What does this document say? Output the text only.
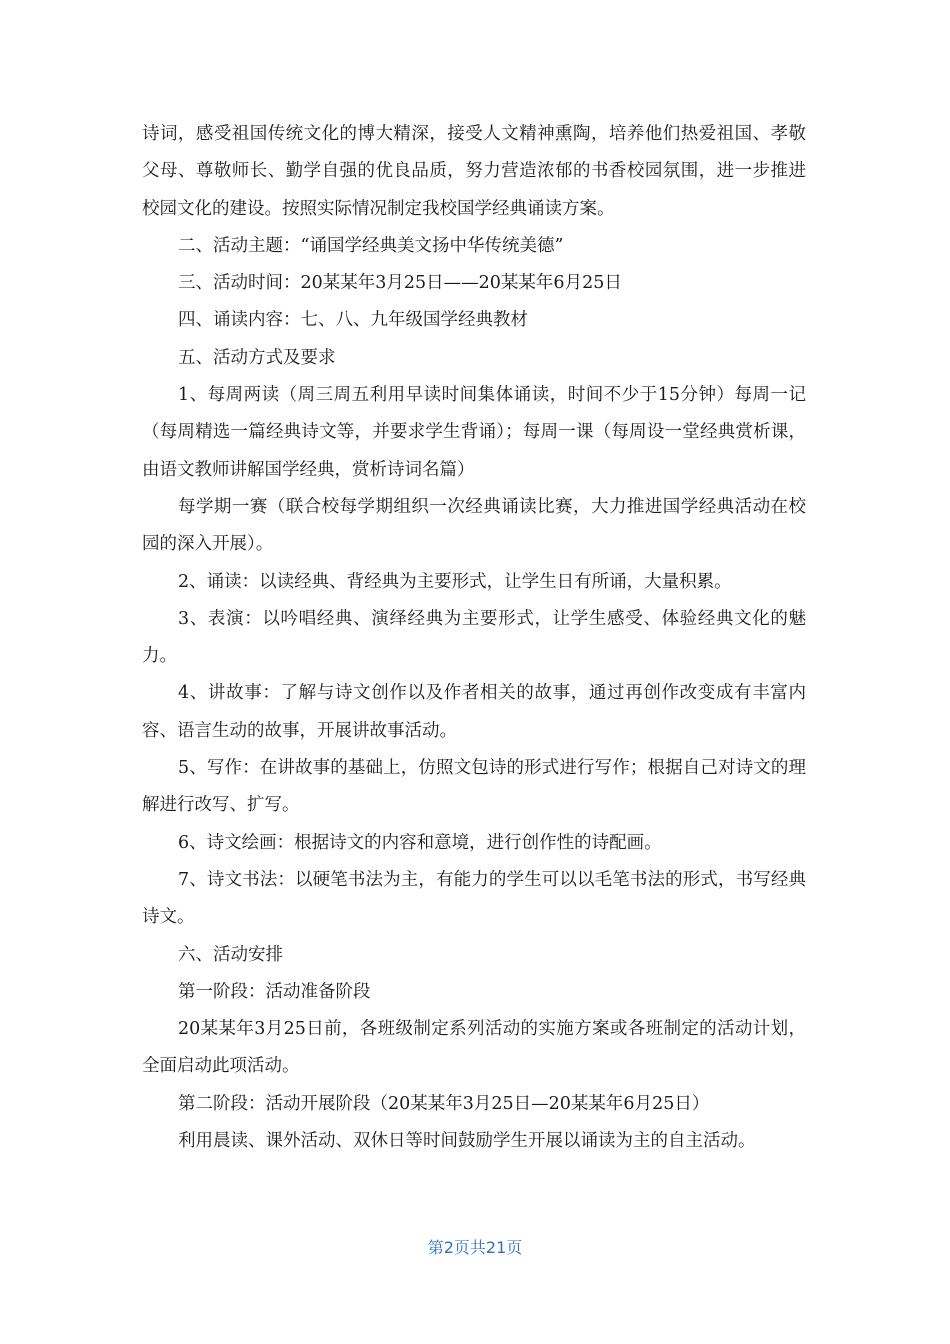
诗词，感受祖国传统文化的博大精深，接受人文精神熏陶，培养他们热爱祖国、孝敬父母、尊敬师长、勤学自强的优良品质，努力营造浓郁的书香校园氛围，进一步推进校园文化的建设。按照实际情况制定我校国学经典诵读方案。

二、活动主题：“诵国学经典美文扬中华传统美德”

三、活动时间：20某某年3月25日——20某某年6月25日

四、诵读内容：七、八、九年级国学经典教材

五、活动方式及要求

1、每周两读（周三周五利用早读时间集体诵读，时间不少于15分钟）每周一记（每周精选一篇经典诗文等，并要求学生背诵）；每周一课（每周设一堂经典赏析课，由语文教师讲解国学经典，赏析诗词名篇）

每学期一赛（联合校每学期组织一次经典诵读比赛，大力推进国学经典活动在校园的深入开展）。

2、诵读：以读经典、背经典为主要形式，让学生日有所诵，大量积累。

3、表演：以吟唱经典、演绎经典为主要形式，让学生感受、体验经典文化的魅力。

4、讲故事：了解与诗文创作以及作者相关的故事，通过再创作改变成有丰富内容、语言生动的故事，开展讲故事活动。

5、写作：在讲故事的基础上，仿照文包诗的形式进行写作；根据自己对诗文的理解进行改写、扩写。

6、诗文绘画：根据诗文的内容和意境，进行创作性的诗配画。

7、诗文书法：以硬笔书法为主，有能力的学生可以以毛笔书法的形式，书写经典诗文。

六、活动安排

第一阶段：活动准备阶段

20某某年3月25日前，各班级制定系列活动的实施方案或各班制定的活动计划，全面启动此项活动。

第二阶段：活动开展阶段（20某某年3月25日—20某某年6月25日）

利用晨读、课外活动、双休日等时间鼓励学生开展以诵读为主的自主活动。

第2页共21页
